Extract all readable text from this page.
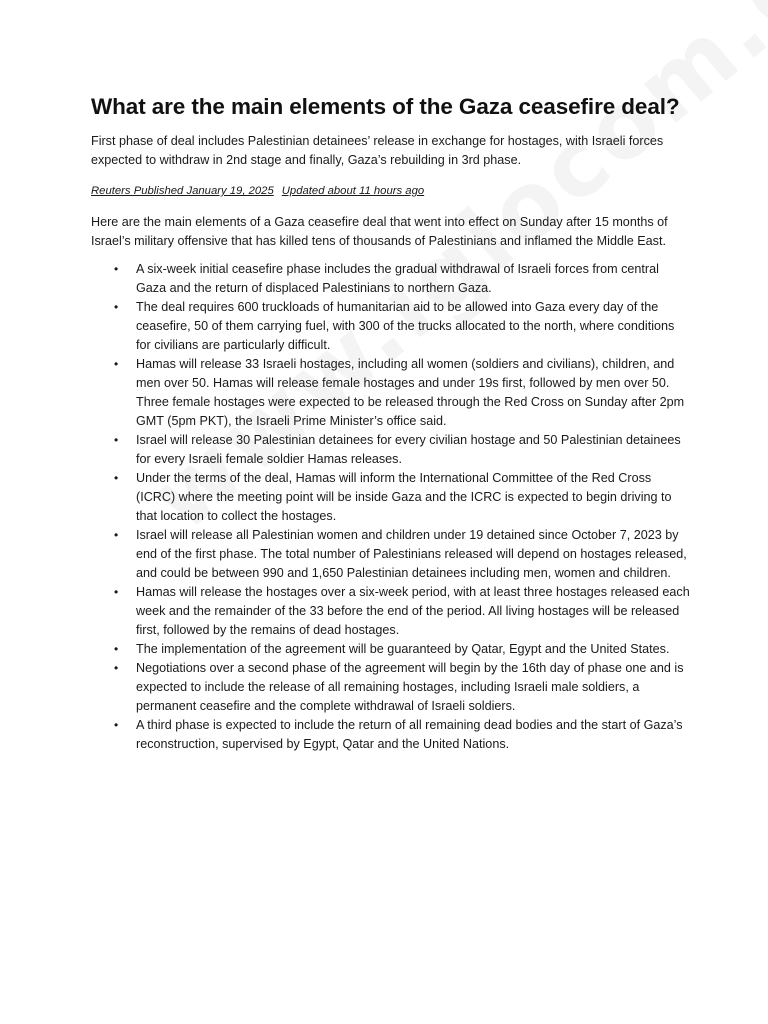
What are the main elements of the Gaza ceasefire deal?

First phase of deal includes Palestinian detainees’ release in exchange for hostages, with Israeli forces expected to withdraw in 2nd stage and finally, Gaza’s rebuilding in 3rd phase.

Reuters Published January 19, 2025 Updated about 11 hours ago

Here are the main elements of a Gaza ceasefire deal that went into effect on Sunday after 15 months of Israel’s military offensive that has killed tens of thousands of Palestinians and inflamed the Middle East.

• A six-week initial ceasefire phase includes the gradual withdrawal of Israeli forces from central Gaza and the return of displaced Palestinians to northern Gaza.
• The deal requires 600 truckloads of humanitarian aid to be allowed into Gaza every day of the ceasefire, 50 of them carrying fuel, with 300 of the trucks allocated to the north, where conditions for civilians are particularly difficult.
• Hamas will release 33 Israeli hostages, including all women (soldiers and civilians), children, and men over 50. Hamas will release female hostages and under 19s first, followed by men over 50. Three female hostages were expected to be released through the Red Cross on Sunday after 2pm GMT (5pm PKT), the Israeli Prime Minister’s office said.
• Israel will release 30 Palestinian detainees for every civilian hostage and 50 Palestinian detainees for every Israeli female soldier Hamas releases.
• Under the terms of the deal, Hamas will inform the International Committee of the Red Cross (ICRC) where the meeting point will be inside Gaza and the ICRC is expected to begin driving to that location to collect the hostages.
• Israel will release all Palestinian women and children under 19 detained since October 7, 2023 by end of the first phase. The total number of Palestinians released will depend on hostages released, and could be between 990 and 1,650 Palestinian detainees including men, women and children.
• Hamas will release the hostages over a six-week period, with at least three hostages released each week and the remainder of the 33 before the end of the period. All living hostages will be released first, followed by the remains of dead hostages.
• The implementation of the agreement will be guaranteed by Qatar, Egypt and the United States.
• Negotiations over a second phase of the agreement will begin by the 16th day of phase one and is expected to include the release of all remaining hostages, including Israeli male soldiers, a permanent ceasefire and the complete withdrawal of Israeli soldiers.
• A third phase is expected to include the return of all remaining dead bodies and the start of Gaza’s reconstruction, supervised by Egypt, Qatar and the United Nations.
